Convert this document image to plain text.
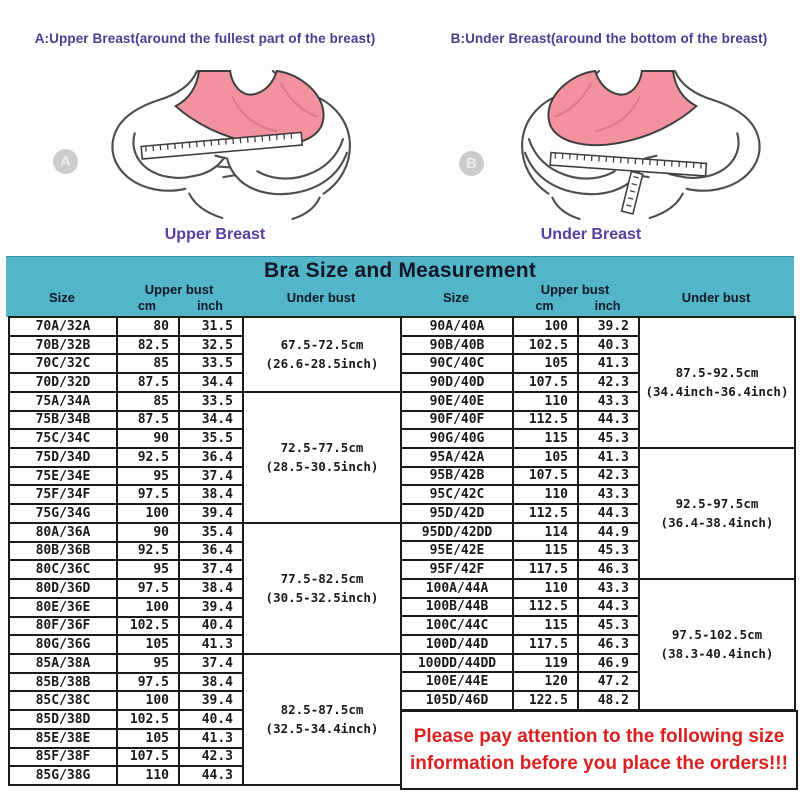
A:Upper Breast(around the fullest part of the breast)	B:Under Breast(around the bottom of the breast)
A	B
Upper Breast	Under Breast
Bra Size and Measurement
Size
Upper bust
cm	inch
Under bust	Size
Upper bust
cm	inch
Under bust
70A/32A	80	31.5	67.5-72.5cm
(26.6-28.5inch)

70B/32B	82.5	32.5	
70C/32C	85	33.5	
70D/32D	87.5	34.4	
75A/34A	85	33.5	72.5-77.5cm
(28.5-30.5inch)

75B/34B	87.5	34.4	
75C/34C	90	35.5	
75D/34D	92.5	36.4	
75E/34E	95	37.4	
75F/34F	97.5	38.4	
75G/34G	100	39.4	
80A/36A	90	35.4	77.5-82.5cm
(30.5-32.5inch)

80B/36B	92.5	36.4	
80C/36C	95	37.4	
80D/36D	97.5	38.4	
80E/36E	100	39.4	
80F/36F	102.5	40.4	
80G/36G	105	41.3	
85A/38A	95	37.4	82.5-87.5cm
(32.5-34.4inch)

85B/38B	97.5	38.4	
85C/38C	100	39.4	
85D/38D	102.5	40.4	
85E/38E	105	41.3	
85F/38F	107.5	42.3	
85G/38G	110	44.3	
90A/40A	100	39.2	87.5-92.5cm
(34.4inch-36.4inch)

90B/40B	102.5	40.3	
90C/40C	105	41.3	
90D/40D	107.5	42.3	
90E/40E	110	43.3	
90F/40F	112.5	44.3	
90G/40G	115	45.3	
95A/42A	105	41.3	92.5-97.5cm
(36.4-38.4inch)

95B/42B	107.5	42.3	
95C/42C	110	43.3	
95D/42D	112.5	44.3	
95DD/42DD	114	44.9	
95E/42E	115	45.3	
95F/42F	117.5	46.3	
100A/44A	110	43.3	97.5-102.5cm
(38.3-40.4inch)

100B/44B	112.5	44.3	
100C/44C	115	45.3	
100D/44D	117.5	46.3	
100DD/44DD	119	46.9	
100E/44E	120	47.2	
105D/46D	122.5	48.2	
Please pay attention to the following size
information before you place the orders!!!
